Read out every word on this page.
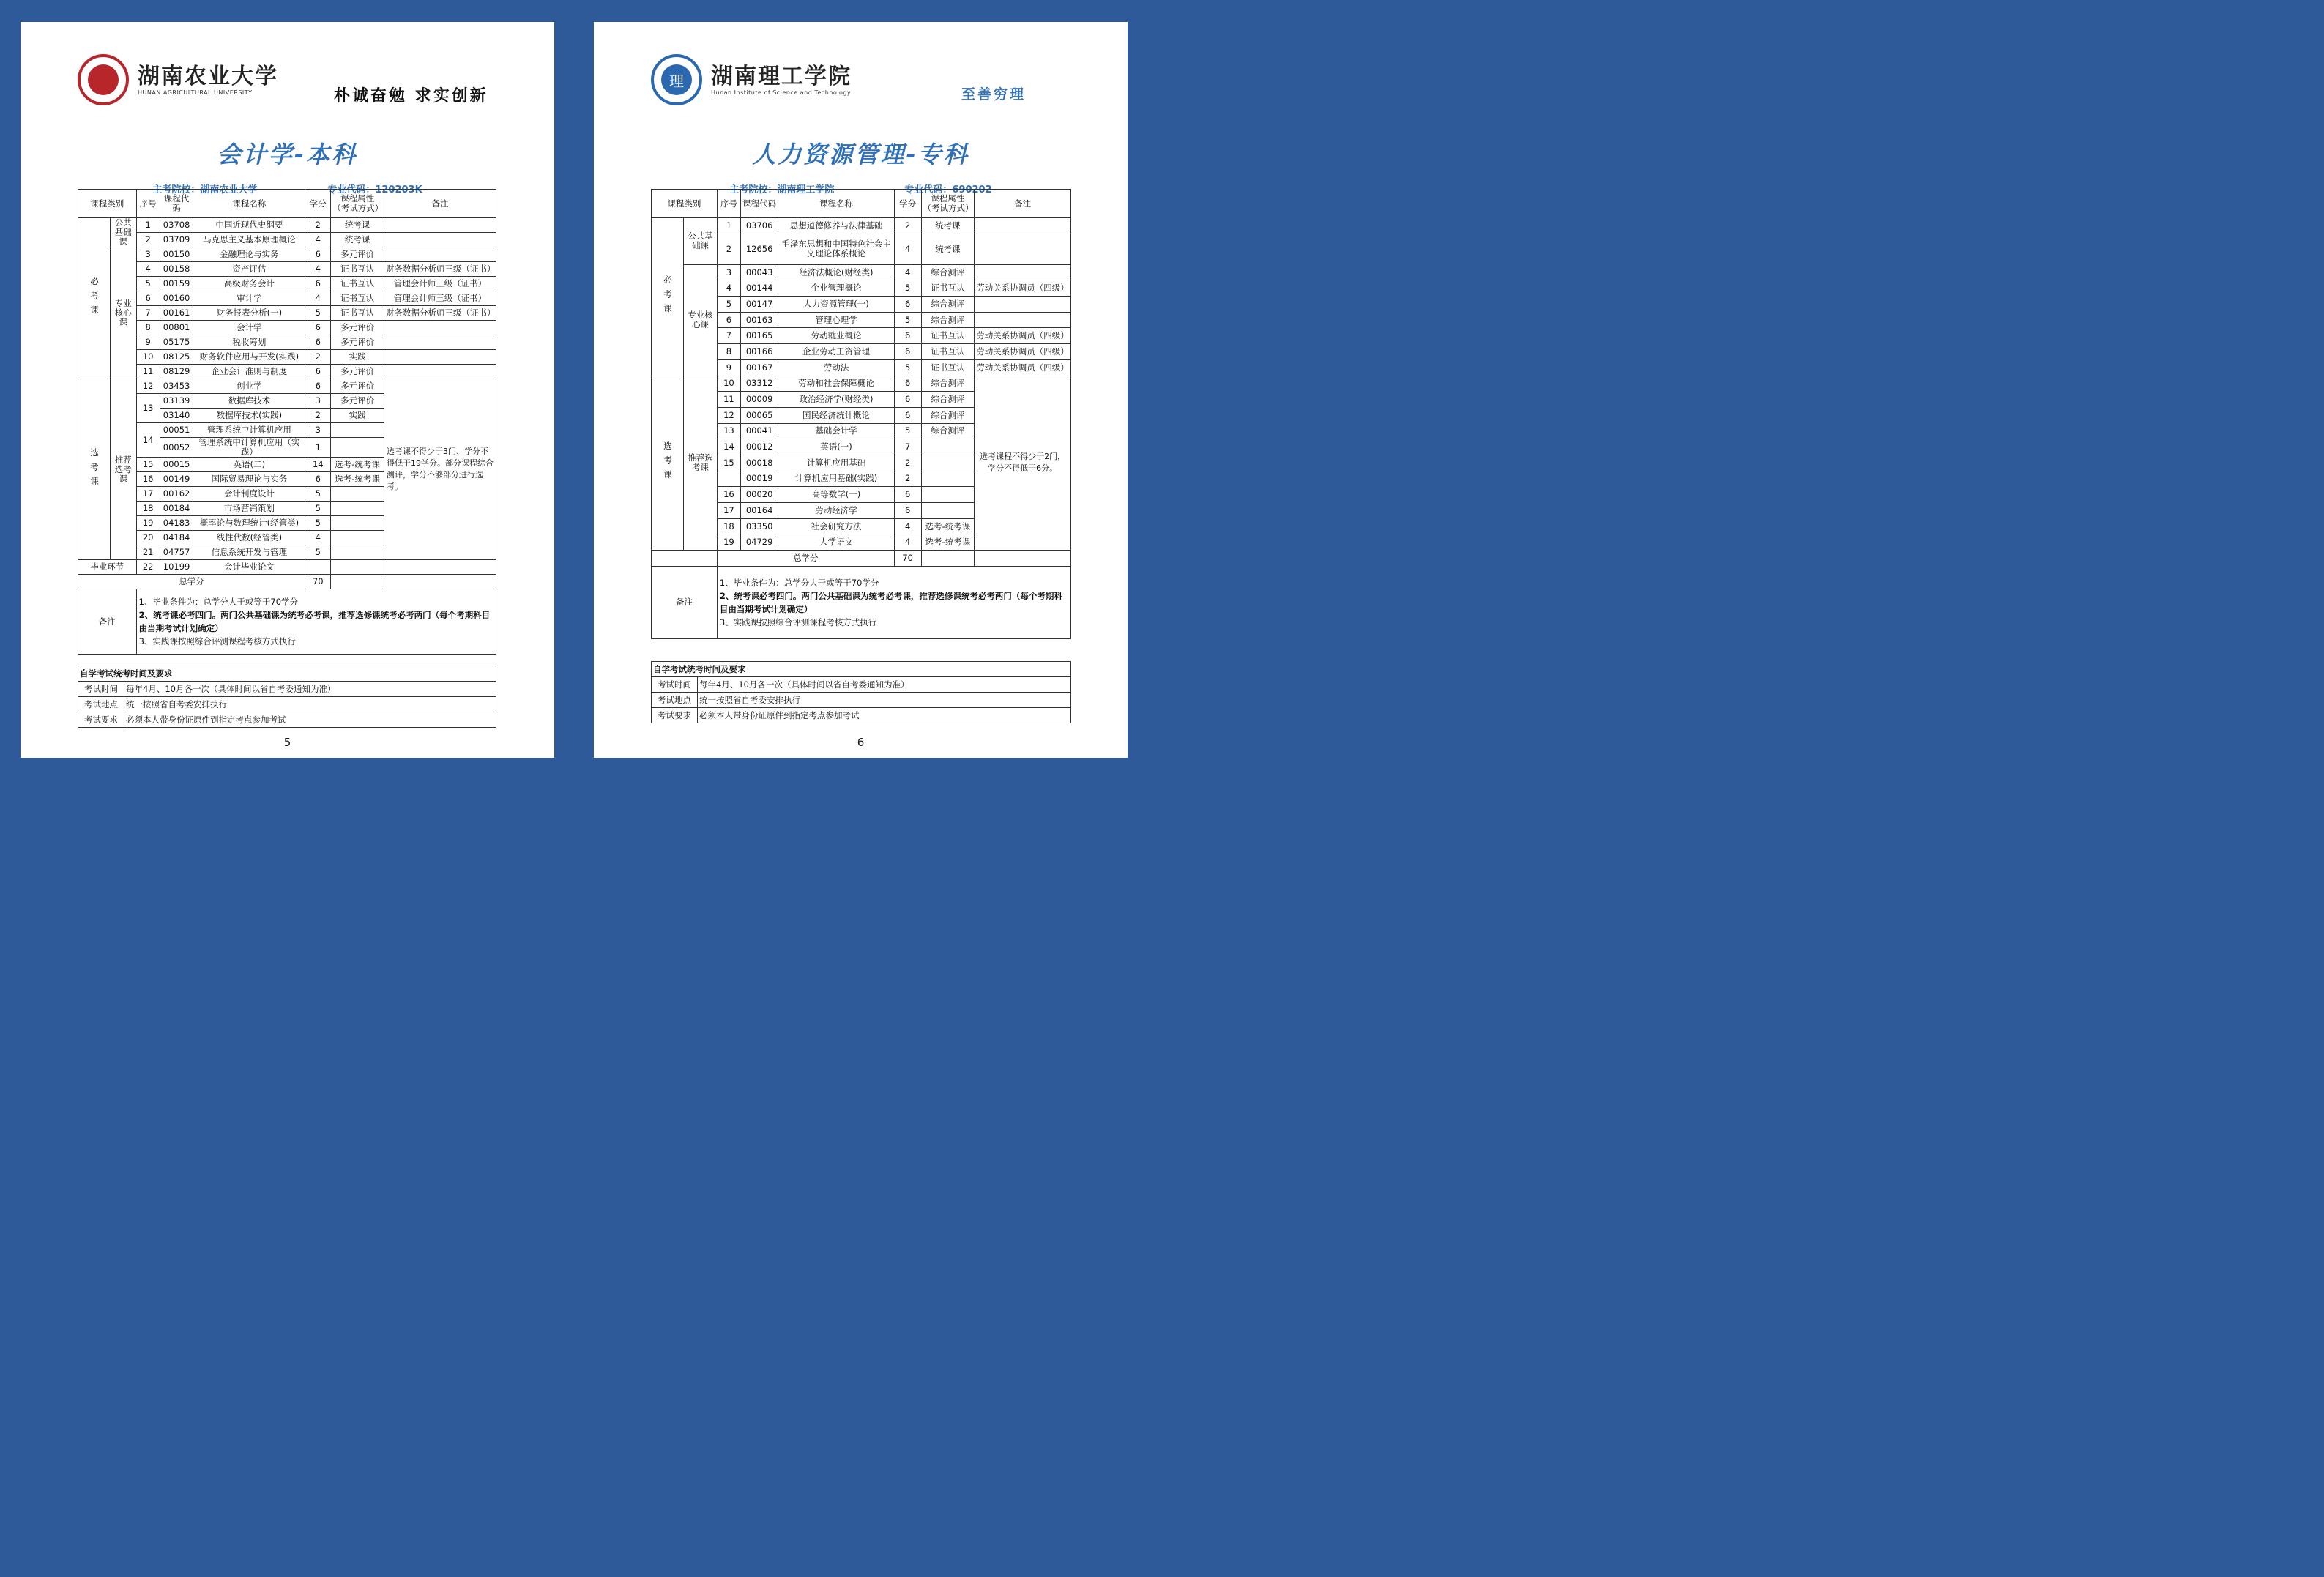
湖南农业大学
HUNAN AGRICULTURAL UNIVERSITY	朴诚奋勉 求实创新
会计学-本科
主考院校：湖南农业大学	专业代码：120203K
课程类别		序号	课程代码	课程名称	学分	课程属性（考试方式）	备注
必考课	公共基础课	1	03708	中国近现代史纲要	2	统考课	
		2	03709	马克思主义基本原理概论	4	统考课	
	专业核心课	3	00150	金融理论与实务	6	多元评价	
		4	00158	资产评估	4	证书互认	财务数据分析师三级（证书）
		5	00159	高级财务会计	6	证书互认	管理会计师三级（证书）
		6	00160	审计学	4	证书互认	管理会计师三级（证书）
		7	00161	财务报表分析(一)	5	证书互认	财务数据分析师三级（证书）
		8	00801	会计学	6	多元评价	
		9	05175	税收筹划	6	多元评价	
		10	08125	财务软件应用与开发(实践)	2	实践	
		11	08129	企业会计准则与制度	6	多元评价	
选考课	推荐选考课	12	03453	创业学	6	多元评价	选考课不得少于3门、学分不得低于19学分。部分课程综合测评，学分不够部分进行选考。
		13	03139	数据库技术	3	多元评价	
			03140	数据库技术(实践)	2	实践	
		14	00051	管理系统中计算机应用	3		
			00052	管理系统中计算机应用（实践）	1		
		15	00015	英语(二)	14	选考-统考课	
		16	00149	国际贸易理论与实务	6	选考-统考课	
		17	00162	会计制度设计	5		
		18	00184	市场营销策划	5		
		19	04183	概率论与数理统计(经管类)	5		
		20	04184	线性代数(经管类)	4		
		21	04757	信息系统开发与管理	5		
毕业环节		22	10199	会计毕业论文			
总学分					70		
备注		1、毕业条件为：总学分大于或等于70学分
2、统考课必考四门。两门公共基础课为统考必考课，推荐选修课统考必考两门（每个考期科目由当期考试计划确定）
3、实践课按照综合评测课程考核方式执行					
自学考试统考时间及要求	
考试时间	每年4月、10月各一次（具体时间以省自考委通知为准）
考试地点	统一按照省自考委安排执行
考试要求	必须本人带身份证原件到指定考点参加考试
5
理	湖南理工学院
Hunan Institute of Science and Technology	至善穷理
人力资源管理-专科
主考院校：湖南理工学院	专业代码：690202
课程类别		序号	课程代码	课程名称	学分	课程属性（考试方式）	备注
必考课	公共基础课	1	03706	思想道德修养与法律基础	2	统考课	
		2	12656	毛泽东思想和中国特色社会主义理论体系概论	4	统考课	
	专业核心课	3	00043	经济法概论(财经类)	4	综合测评	
		4	00144	企业管理概论	5	证书互认	劳动关系协调员（四级）
		5	00147	人力资源管理(一)	6	综合测评	
		6	00163	管理心理学	5	综合测评	
		7	00165	劳动就业概论	6	证书互认	劳动关系协调员（四级）
		8	00166	企业劳动工资管理	6	证书互认	劳动关系协调员（四级）
		9	00167	劳动法	5	证书互认	劳动关系协调员（四级）
选考课	推荐选考课	10	03312	劳动和社会保障概论	6	综合测评	选考课程不得少于2门，学分不得低于6分。
		11	00009	政治经济学(财经类)	6	综合测评	
		12	00065	国民经济统计概论	6	综合测评	
		13	00041	基础会计学	5	综合测评	
		14	00012	英语(一)	7		
		15	00018	计算机应用基础	2		
			00019	计算机应用基础(实践)	2		
		16	00020	高等数学(一)	6		
		17	00164	劳动经济学	6		
		18	03350	社会研究方法	4	选考-统考课	
		19	04729	大学语文	4	选考-统考课	
		总学分			70		
备注		1、毕业条件为：总学分大于或等于70学分
2、统考课必考四门。两门公共基础课为统考必考课，推荐选修课统考必考两门（每个考期科目由当期考试计划确定）
3、实践课按照综合评测课程考核方式执行					
自学考试统考时间及要求	
考试时间	每年4月、10月各一次（具体时间以省自考委通知为准）
考试地点	统一按照省自考委安排执行
考试要求	必须本人带身份证原件到指定考点参加考试
6
